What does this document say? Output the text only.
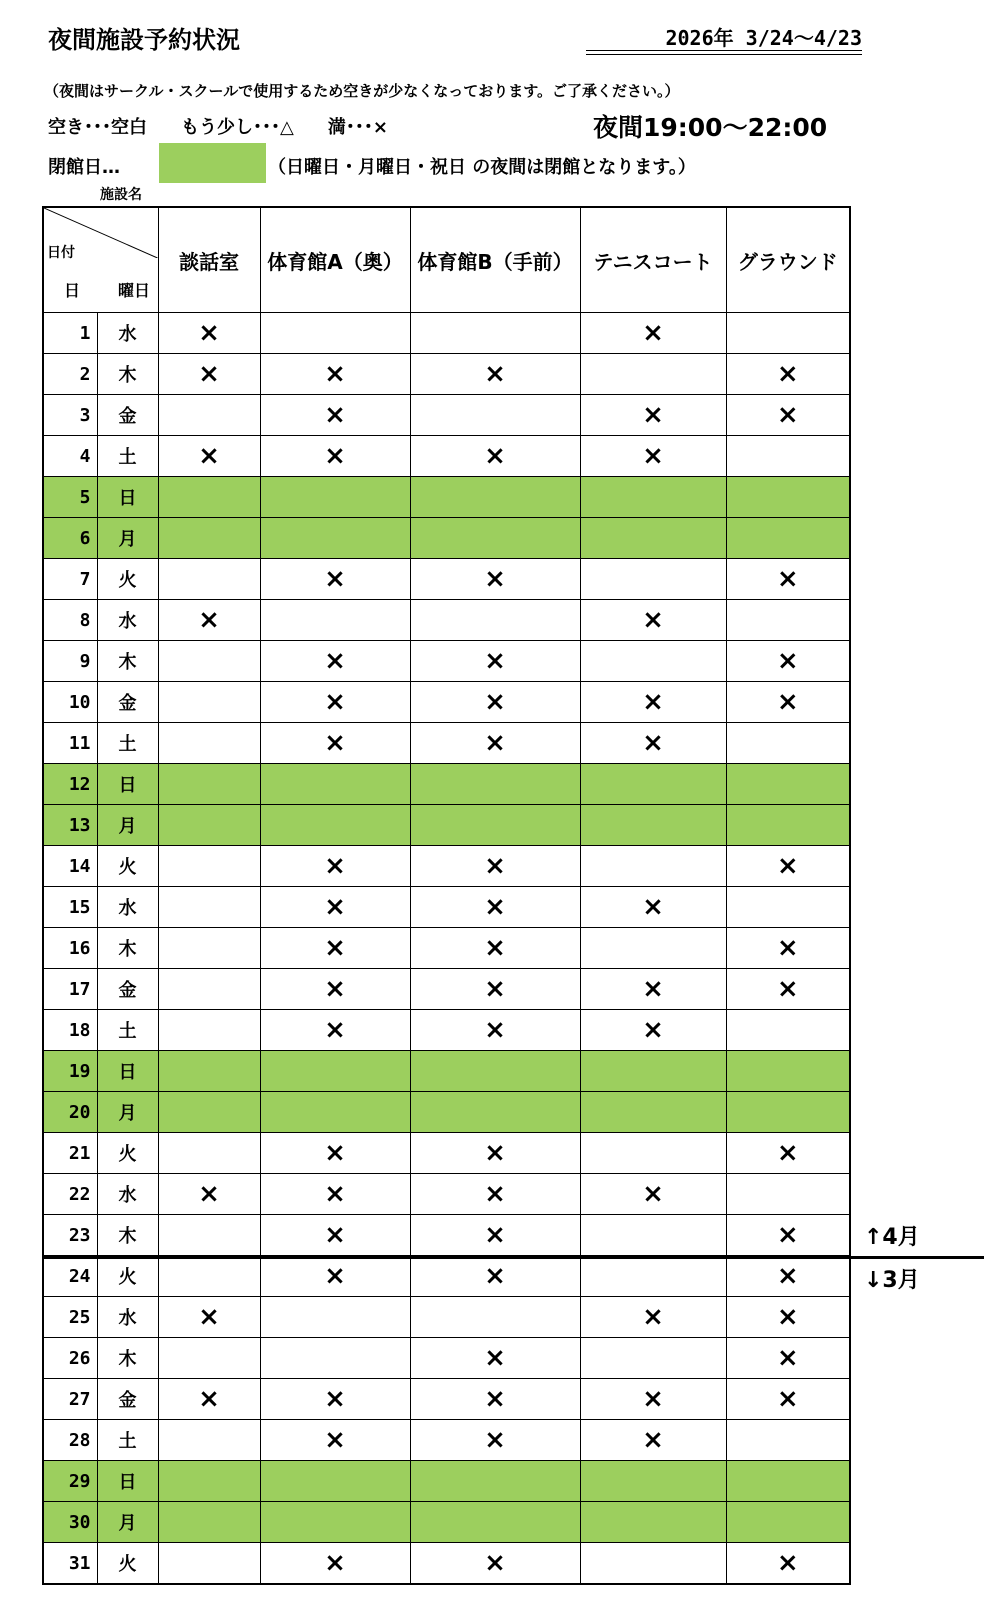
夜間施設予約状況	2026年 3/24～4/23
（夜間はサークル・スクールで使用するため空きが少なくなっております。ご了承ください。）
空き･･･空白 もう少し･･･△ 満･･･×	夜間19:00～22:00
閉館日…	（日曜日・月曜日・祝日 の夜間は閉館となります。）
施設名
日付
日 曜日		談話室	体育館A（奥）	体育館B（手前）	テニスコート	グラウンド
1	水	×			×	
2	木	×	×	×		×
3	金		×		×	×
4	土	×	×	×	×	
5	日					
6	月					
7	火		×	×		×
8	水	×			×	
9	木		×	×		×
10	金		×	×	×	×
11	土		×	×	×	
12	日					
13	月					
14	火		×	×		×
15	水		×	×	×	
16	木		×	×		×
17	金		×	×	×	×
18	土		×	×	×	
19	日					
20	月					
21	火		×	×		×
22	水	×	×	×	×	
23	木		×	×		×
24	火		×	×		×
25	水	×			×	×
26	木			×		×
27	金	×	×	×	×	×
28	土		×	×	×	
29	日					
30	月					
31	火		×	×		×
↑4月
↓3月
